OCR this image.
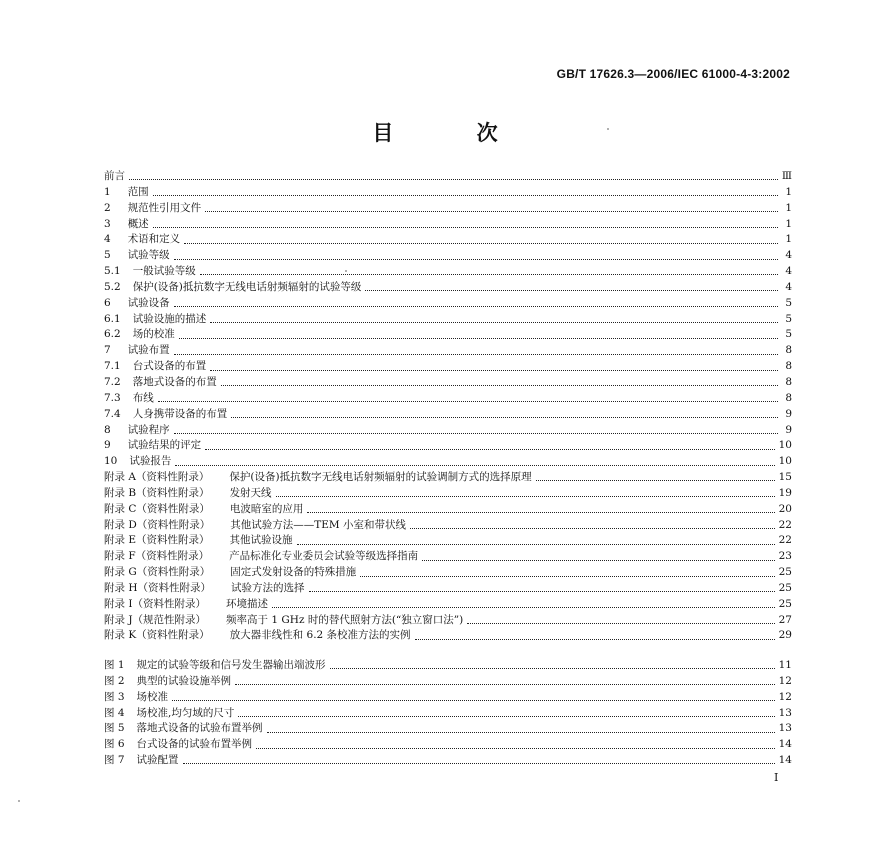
GB/T 17626.3—2006/IEC 61000-4-3:2002
目 次
前言	Ⅲ
1 范围	1
2 规范性引用文件	1
3 概述	1
4 术语和定义	1
5 试验等级	4
5.1 一般试验等级	4
5.2 保护(设备)抵抗数字无线电话射频辐射的试验等级	4
6 试验设备	5
6.1 试验设施的描述	5
6.2 场的校准	5
7 试验布置	8
7.1 台式设备的布置	8
7.2 落地式设备的布置	8
7.3 布线	8
7.4 人身携带设备的布置	9
8 试验程序	9
9 试验结果的评定	10
10 试验报告	10
附录 A（资料性附录） 保护(设备)抵抗数字无线电话射频辐射的试验调制方式的选择原理	15
附录 B（资料性附录） 发射天线	19
附录 C（资料性附录） 电波暗室的应用	20
附录 D（资料性附录） 其他试验方法——TEM 小室和带状线	22
附录 E（资料性附录） 其他试验设施	22
附录 F（资料性附录） 产品标准化专业委员会试验等级选择指南	23
附录 G（资料性附录） 固定式发射设备的特殊措施	25
附录 H（资料性附录） 试验方法的选择	25
附录 I（资料性附录） 环境描述	25
附录 J（规范性附录） 频率高于 1 GHz 时的替代照射方法(“独立窗口法”)	27
附录 K（资料性附录） 放大器非线性和 6.2 条校准方法的实例	29
图 1 规定的试验等级和信号发生器输出端波形	11
图 2 典型的试验设施举例	12
图 3 场校准	12
图 4 场校准,均匀域的尺寸	13
图 5 落地式设备的试验布置举例	13
图 6 台式设备的试验布置举例	14
图 7 试验配置	14
Ⅰ
